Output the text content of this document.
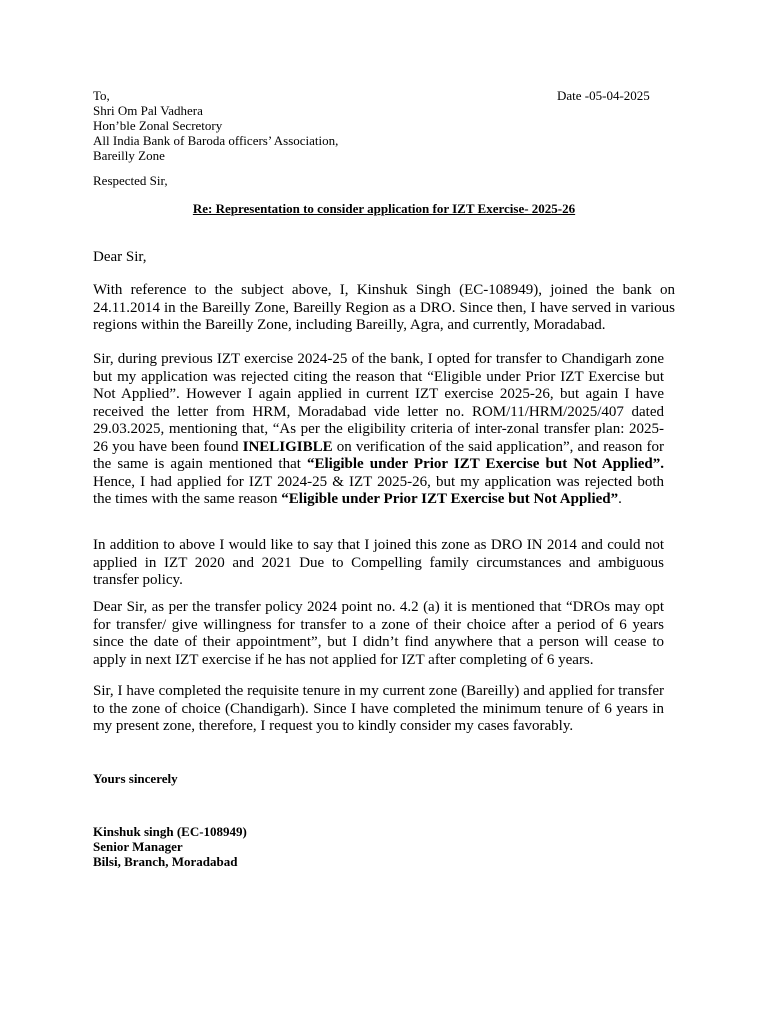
To,
Shri Om Pal Vadhera
Hon’ble Zonal Secretory
All India Bank of Baroda officers’ Association,
Bareilly Zone
Date -05-04-2025
Respected Sir,
Re: Representation to consider application for IZT Exercise- 2025-26
Dear Sir,
With reference to the subject above, I, Kinshuk Singh (EC-108949), joined the bank on 24.11.2014 in the Bareilly Zone, Bareilly Region as a DRO. Since then, I have served in various regions within the Bareilly Zone, including Bareilly, Agra, and currently, Moradabad.
Sir, during previous IZT exercise 2024-25 of the bank, I opted for transfer to Chandigarh zone but my application was rejected citing the reason that “Eligible under Prior IZT Exercise but Not Applied”. However I again applied in current IZT exercise 2025-26, but again I have received the letter from HRM, Moradabad vide letter no. ROM/11/HRM/2025/407 dated 29.03.2025, mentioning that, “As per the eligibility criteria of inter-zonal transfer plan: 2025-26 you have been found INELIGIBLE on verification of the said application”, and reason for the same is again mentioned that “Eligible under Prior IZT Exercise but Not Applied”. Hence, I had applied for IZT 2024-25 & IZT 2025-26, but my application was rejected both the times with the same reason “Eligible under Prior IZT Exercise but Not Applied”.
In addition to above I would like to say that I joined this zone as DRO IN 2014 and could not applied in IZT 2020 and 2021 Due to Compelling family circumstances and ambiguous transfer policy.
Dear Sir, as per the transfer policy 2024 point no. 4.2 (a) it is mentioned that “DROs may opt for transfer/ give willingness for transfer to a zone of their choice after a period of 6 years since the date of their appointment”, but I didn’t find anywhere that a person will cease to apply in next IZT exercise if he has not applied for IZT after completing of 6 years.
Sir, I have completed the requisite tenure in my current zone (Bareilly) and applied for transfer to the zone of choice (Chandigarh). Since I have completed the minimum tenure of 6 years in my present zone, therefore, I request you to kindly consider my cases favorably.
Yours sincerely
Kinshuk singh (EC-108949)
Senior Manager
Bilsi, Branch, Moradabad
